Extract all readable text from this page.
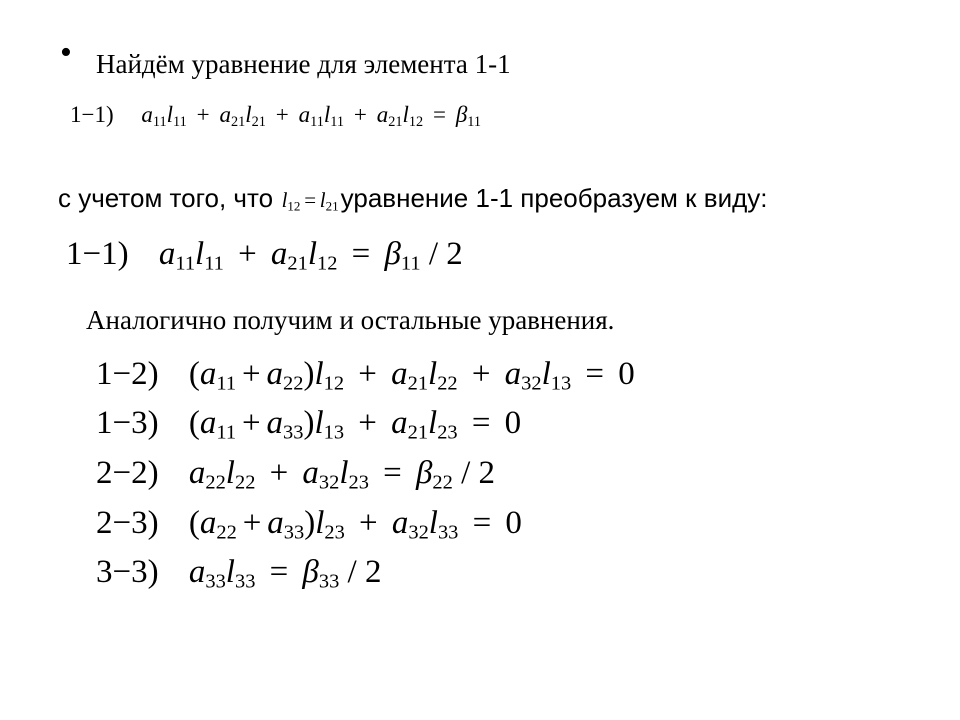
• Найдём уравнение для элемента 1-1
1−1) $a_{11}l_{11} + a_{21}l_{21} + a_{11}l_{11} + a_{21}l_{12} = \beta_{11}$
с учетом того, что $l_{12}$ = $l_{21}уравнение$ 1-1 преобразуем к виду:
1−1) $a_{11}l_{11} + a_{21}l_{12} = \beta_{11} / 2$
Аналогично получим и остальные уравнения.
1−2) $(a_{11} + a_{22})l_{12} + a_{21}l_{22} + a_{32}l_{13} = 0$
1−3) $(a_{11} + a_{33})l_{13} + a_{21}l_{23} = 0$
2−2) $a_{22}l_{22} + a_{32}l_{23} = \beta_{22} / 2$
2−3) $(a_{22} + a_{33})l_{23} + a_{32}l_{33} = 0$
3−3) $a_{33}l_{33} = \beta_{33} / 2$
